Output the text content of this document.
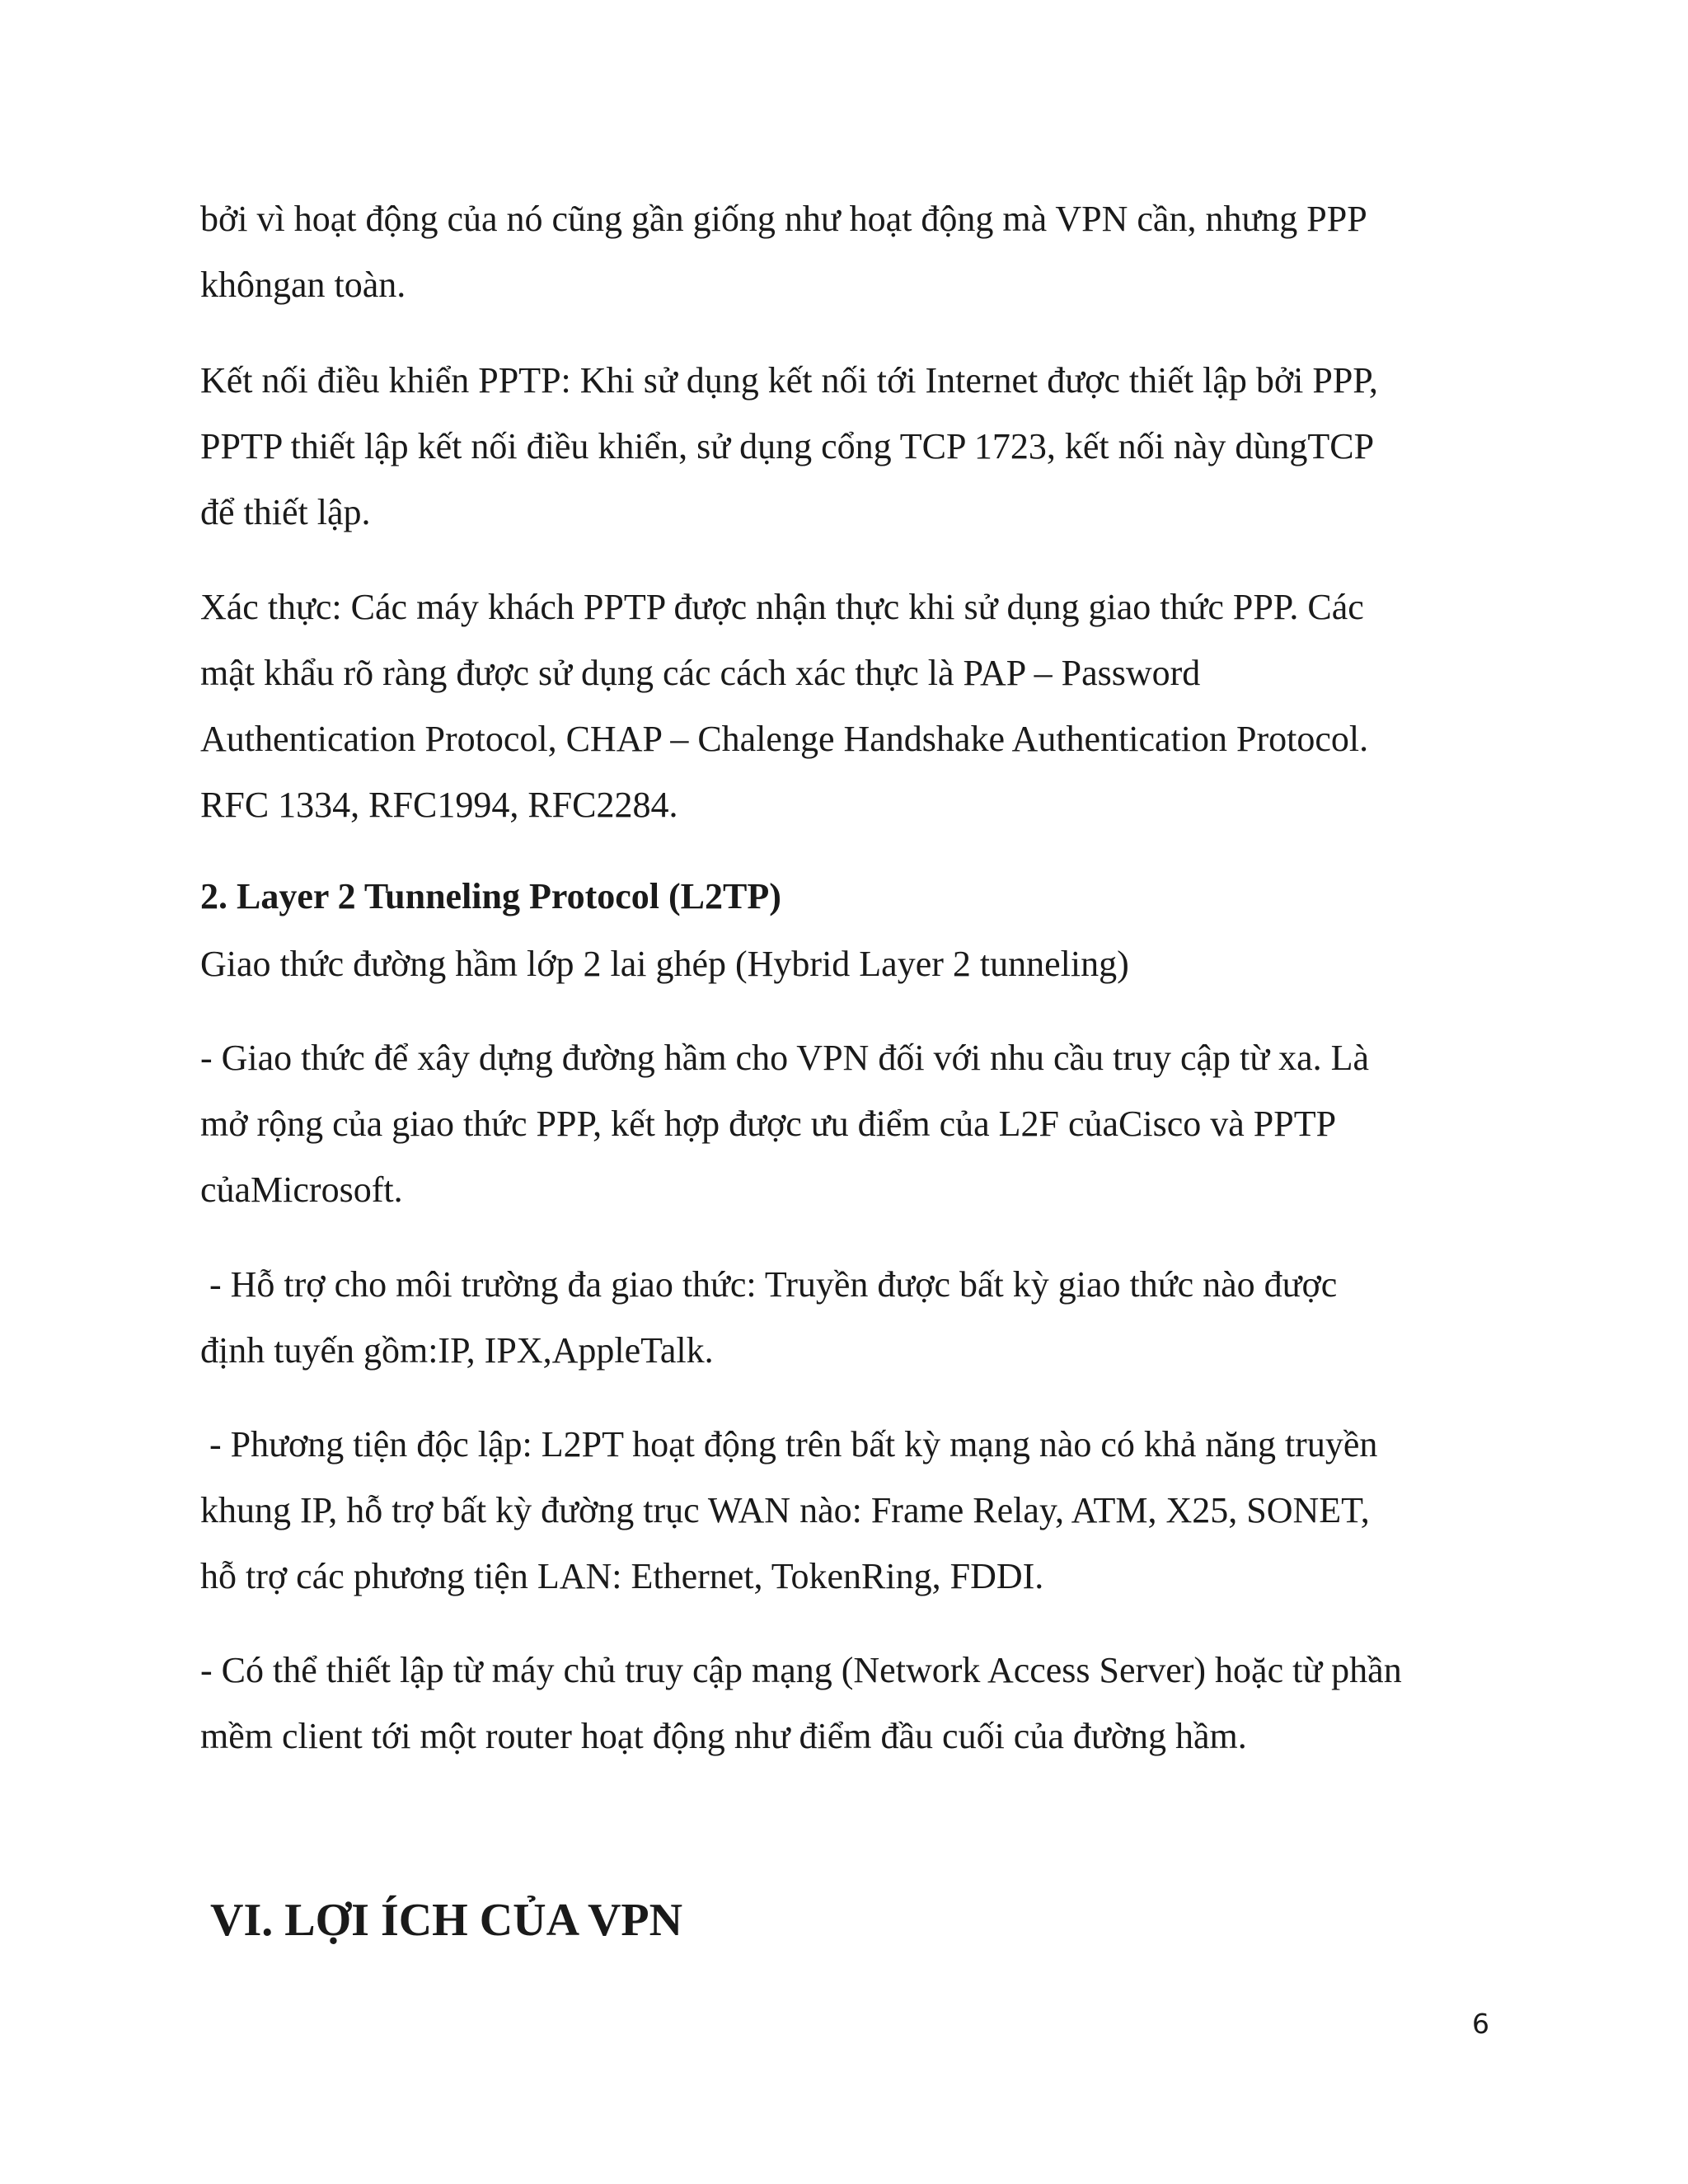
bởi vì hoạt động của nó cũng gần giống như hoạt động mà VPN cần, nhưng PPP
khôngan toàn.

Kết nối điều khiển PPTP: Khi sử dụng kết nối tới Internet được thiết lập bởi PPP,
PPTP thiết lập kết nối điều khiển, sử dụng cổng TCP 1723, kết nối này dùngTCP
để thiết lập.

Xác thực: Các máy khách PPTP được nhận thực khi sử dụng giao thức PPP. Các
mật khẩu rõ ràng được sử dụng các cách xác thực là PAP – Password
Authentication Protocol, CHAP – Chalenge Handshake Authentication Protocol.
RFC 1334, RFC1994, RFC2284.

2. Layer 2 Tunneling Protocol (L2TP)

Giao thức đường hầm lớp 2 lai ghép (Hybrid Layer 2 tunneling)

- Giao thức để xây dựng đường hầm cho VPN đối với nhu cầu truy cập từ xa. Là
mở rộng của giao thức PPP, kết hợp được ưu điểm của L2F củaCisco và PPTP
củaMicrosoft.

- Hỗ trợ cho môi trường đa giao thức: Truyền được bất kỳ giao thức nào được
định tuyến gồm:IP, IPX,AppleTalk.

- Phương tiện độc lập: L2PT hoạt động trên bất kỳ mạng nào có khả năng truyền
khung IP, hỗ trợ bất kỳ đường trục WAN nào: Frame Relay, ATM, X25, SONET,
hỗ trợ các phương tiện LAN: Ethernet, TokenRing, FDDI.

- Có thể thiết lập từ máy chủ truy cập mạng (Network Access Server) hoặc từ phần
mềm client tới một router hoạt động như điểm đầu cuối của đường hầm.

VI. LỢI ÍCH CỦA VPN
6
